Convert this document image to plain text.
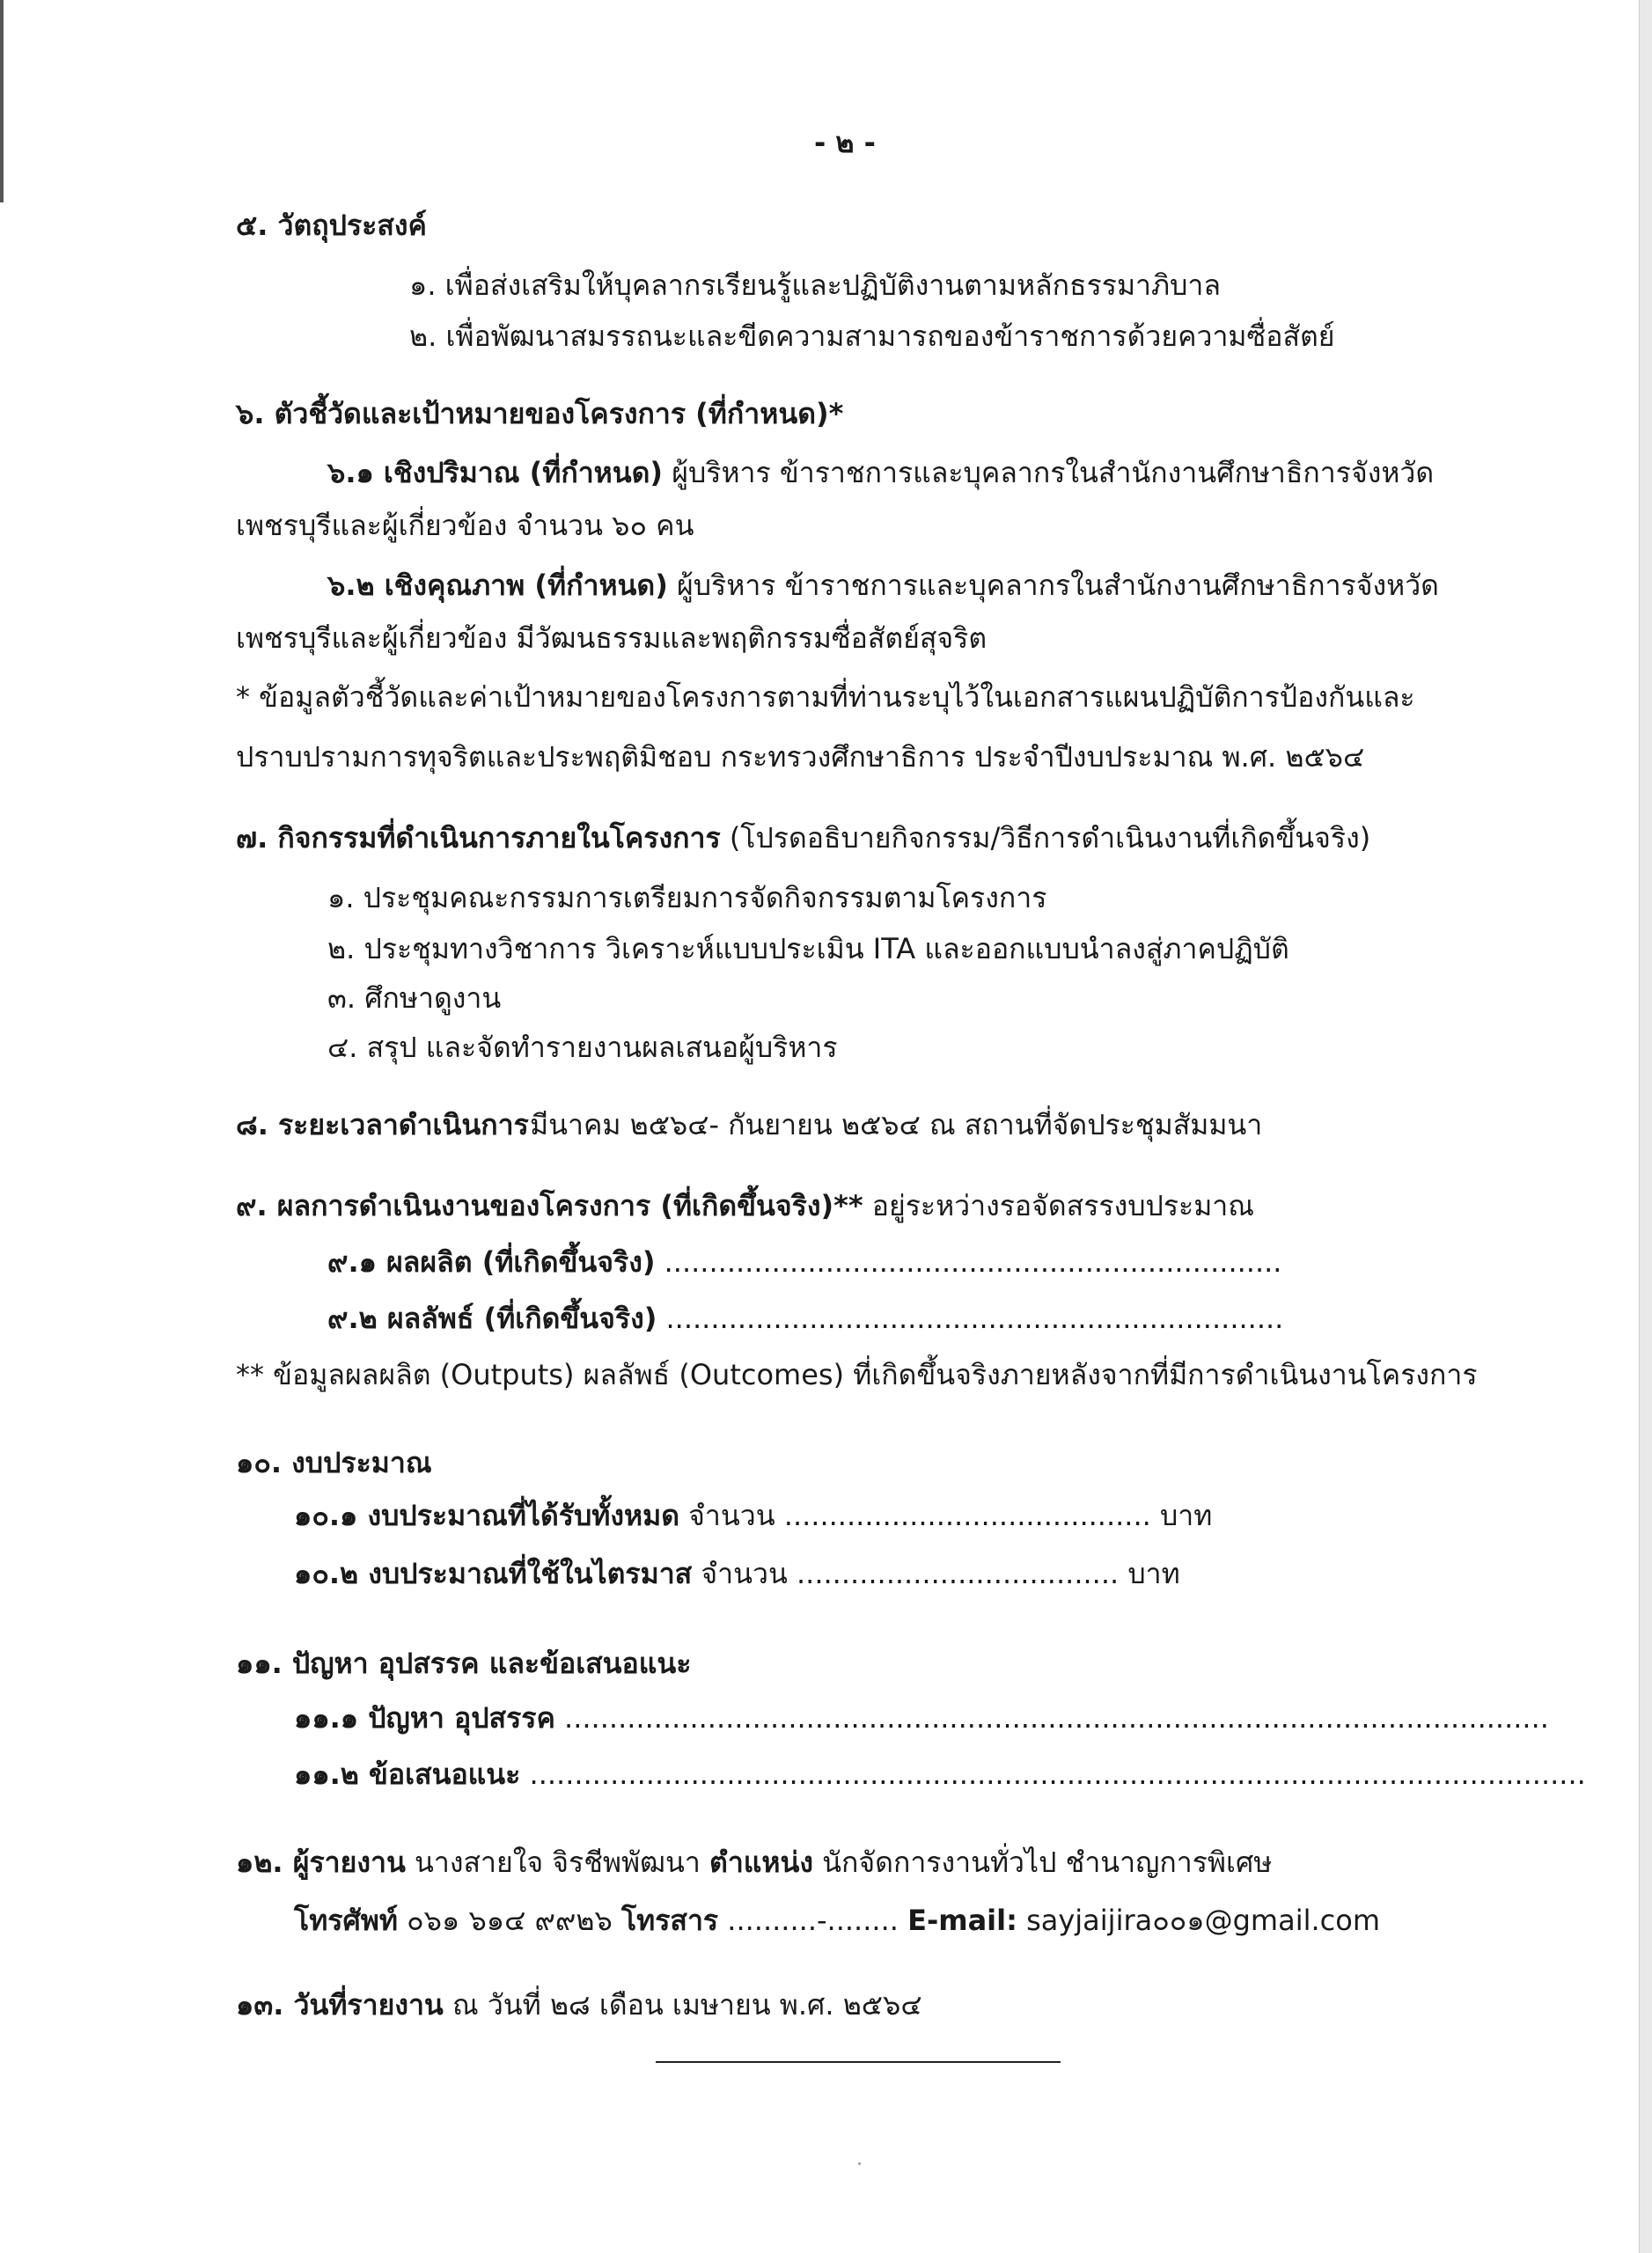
- ๒ -
๕. วัตถุประสงค์
๑. เพื่อส่งเสริมให้บุคลากรเรียนรู้และปฏิบัติงานตามหลักธรรมาภิบาล
๒. เพื่อพัฒนาสมรรถนะและขีดความสามารถของข้าราชการด้วยความซื่อสัตย์
๖. ตัวชี้วัดและเป้าหมายของโครงการ (ที่กำหนด)*
๖.๑ เชิงปริมาณ (ที่กำหนด) ผู้บริหาร ข้าราชการและบุคลากรในสำนักงานศึกษาธิการจังหวัด
เพชรบุรีและผู้เกี่ยวข้อง จำนวน ๖๐ คน
๖.๒ เชิงคุณภาพ (ที่กำหนด) ผู้บริหาร ข้าราชการและบุคลากรในสำนักงานศึกษาธิการจังหวัด
เพชรบุรีและผู้เกี่ยวข้อง มีวัฒนธรรมและพฤติกรรมซื่อสัตย์สุจริต
* ข้อมูลตัวชี้วัดและค่าเป้าหมายของโครงการตามที่ท่านระบุไว้ในเอกสารแผนปฏิบัติการป้องกันและ
ปราบปรามการทุจริตและประพฤติมิชอบ กระทรวงศึกษาธิการ ประจำปีงบประมาณ พ.ศ. ๒๕๖๔
๗. กิจกรรมที่ดำเนินการภายในโครงการ (โปรดอธิบายกิจกรรม/วิธีการดำเนินงานที่เกิดขึ้นจริง)
๑. ประชุมคณะกรรมการเตรียมการจัดกิจกรรมตามโครงการ
๒. ประชุมทางวิชาการ วิเคราะห์แบบประเมิน ITA และออกแบบนำลงสู่ภาคปฏิบัติ
๓. ศึกษาดูงาน
๔. สรุป และจัดทำรายงานผลเสนอผู้บริหาร
๘. ระยะเวลาดำเนินการ มีนาคม ๒๕๖๔- กันยายน ๒๕๖๔ ณ สถานที่จัดประชุมสัมมนา
๙. ผลการดำเนินงานของโครงการ (ที่เกิดขึ้นจริง)** อยู่ระหว่างรอจัดสรรงบประมาณ
๙.๑ ผลผลิต (ที่เกิดขึ้นจริง) .....................................................................
๙.๒ ผลลัพธ์ (ที่เกิดขึ้นจริง) .....................................................................
** ข้อมูลผลผลิต (Outputs) ผลลัพธ์ (Outcomes) ที่เกิดขึ้นจริงภายหลังจากที่มีการดำเนินงานโครงการ
๑๐. งบประมาณ
๑๐.๑ งบประมาณที่ได้รับทั้งหมด จำนวน ......................................... บาท
๑๐.๒ งบประมาณที่ใช้ในไตรมาส จำนวน .................................... บาท
๑๑. ปัญหา อุปสรรค และข้อเสนอแนะ
๑๑.๑ ปัญหา อุปสรรค ..............................................................................................................
๑๑.๒ ข้อเสนอแนะ ......................................................................................................................
๑๒. ผู้รายงาน นางสายใจ จิรชีพพัฒนา ตำแหน่ง นักจัดการงานทั่วไป ชำนาญการพิเศษ
โทรศัพท์ ๐๖๑ ๖๑๔ ๙๙๒๖ โทรสาร ..........-........ E-mail: sayjaijira๐๐๑@gmail.com
๑๓. วันที่รายงาน ณ วันที่ ๒๘ เดือน เมษายน พ.ศ. ๒๕๖๔
